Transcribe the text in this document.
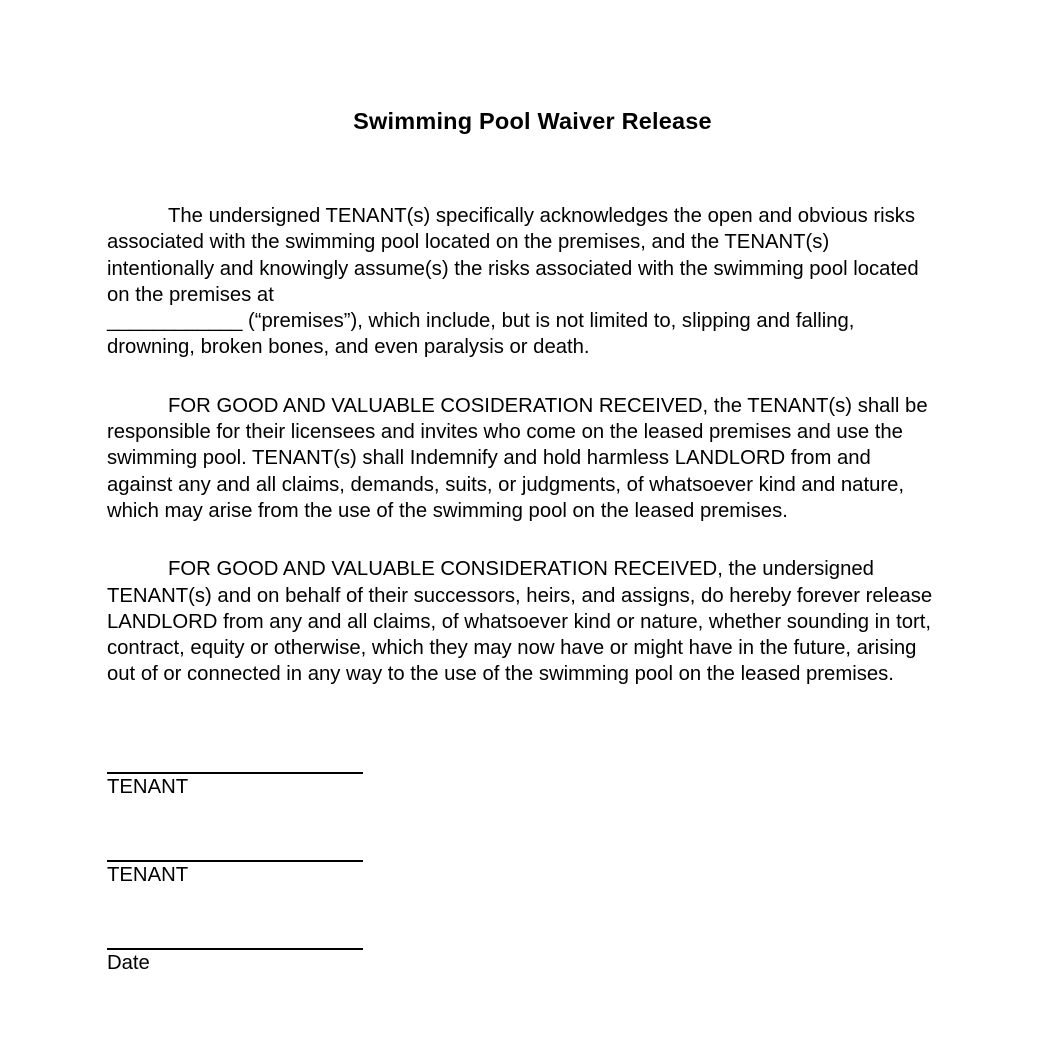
Swimming Pool Waiver Release
The undersigned TENANT(s) specifically acknowledges the open and obvious risks
associated with the swimming pool located on the premises, and the TENANT(s)
intentionally and knowingly assume(s) the risks associated with the swimming pool located
on the premises at
____________ (“premises”), which include, but is not limited to, slipping and falling,
drowning, broken bones, and even paralysis or death.
FOR GOOD AND VALUABLE COSIDERATION RECEIVED, the TENANT(s) shall be
responsible for their licensees and invites who come on the leased premises and use the
swimming pool. TENANT(s) shall Indemnify and hold harmless LANDLORD from and
against any and all claims, demands, suits, or judgments, of whatsoever kind and nature,
which may arise from the use of the swimming pool on the leased premises.
FOR GOOD AND VALUABLE CONSIDERATION RECEIVED, the undersigned
TENANT(s) and on behalf of their successors, heirs, and assigns, do hereby forever release
LANDLORD from any and all claims, of whatsoever kind or nature, whether sounding in tort,
contract, equity or otherwise, which they may now have or might have in the future, arising
out of or connected in any way to the use of the swimming pool on the leased premises.
TENANT
TENANT
Date
